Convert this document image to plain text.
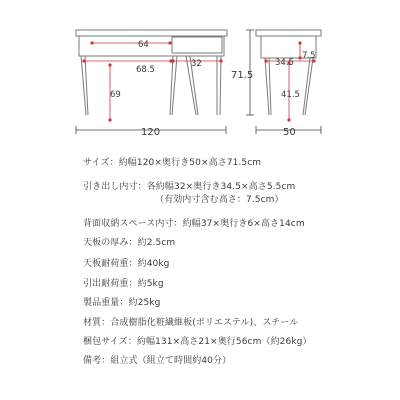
64
68.5
32
69
120
71.5
7.5
34.5
41.5
50
サイズ：約幅120×奥行き50×高さ71.5cm
引き出し内寸：各約幅32×奥行き34.5×高さ5.5cm
（有効内寸含む高さ：7.5cm）
背面収納スペース内寸：約幅37×奥行き6×高さ14cm
天板の厚み：約2.5cm
天板耐荷重：約40kg
引出耐荷重：約5kg
製品重量：約25kg
材質：合成樹脂化粧繊維板(ポリエステル)、スチール
梱包サイズ：約幅131×高さ21×奥行56cm（約26kg）
備考：組立式（組立て時間約40分）
